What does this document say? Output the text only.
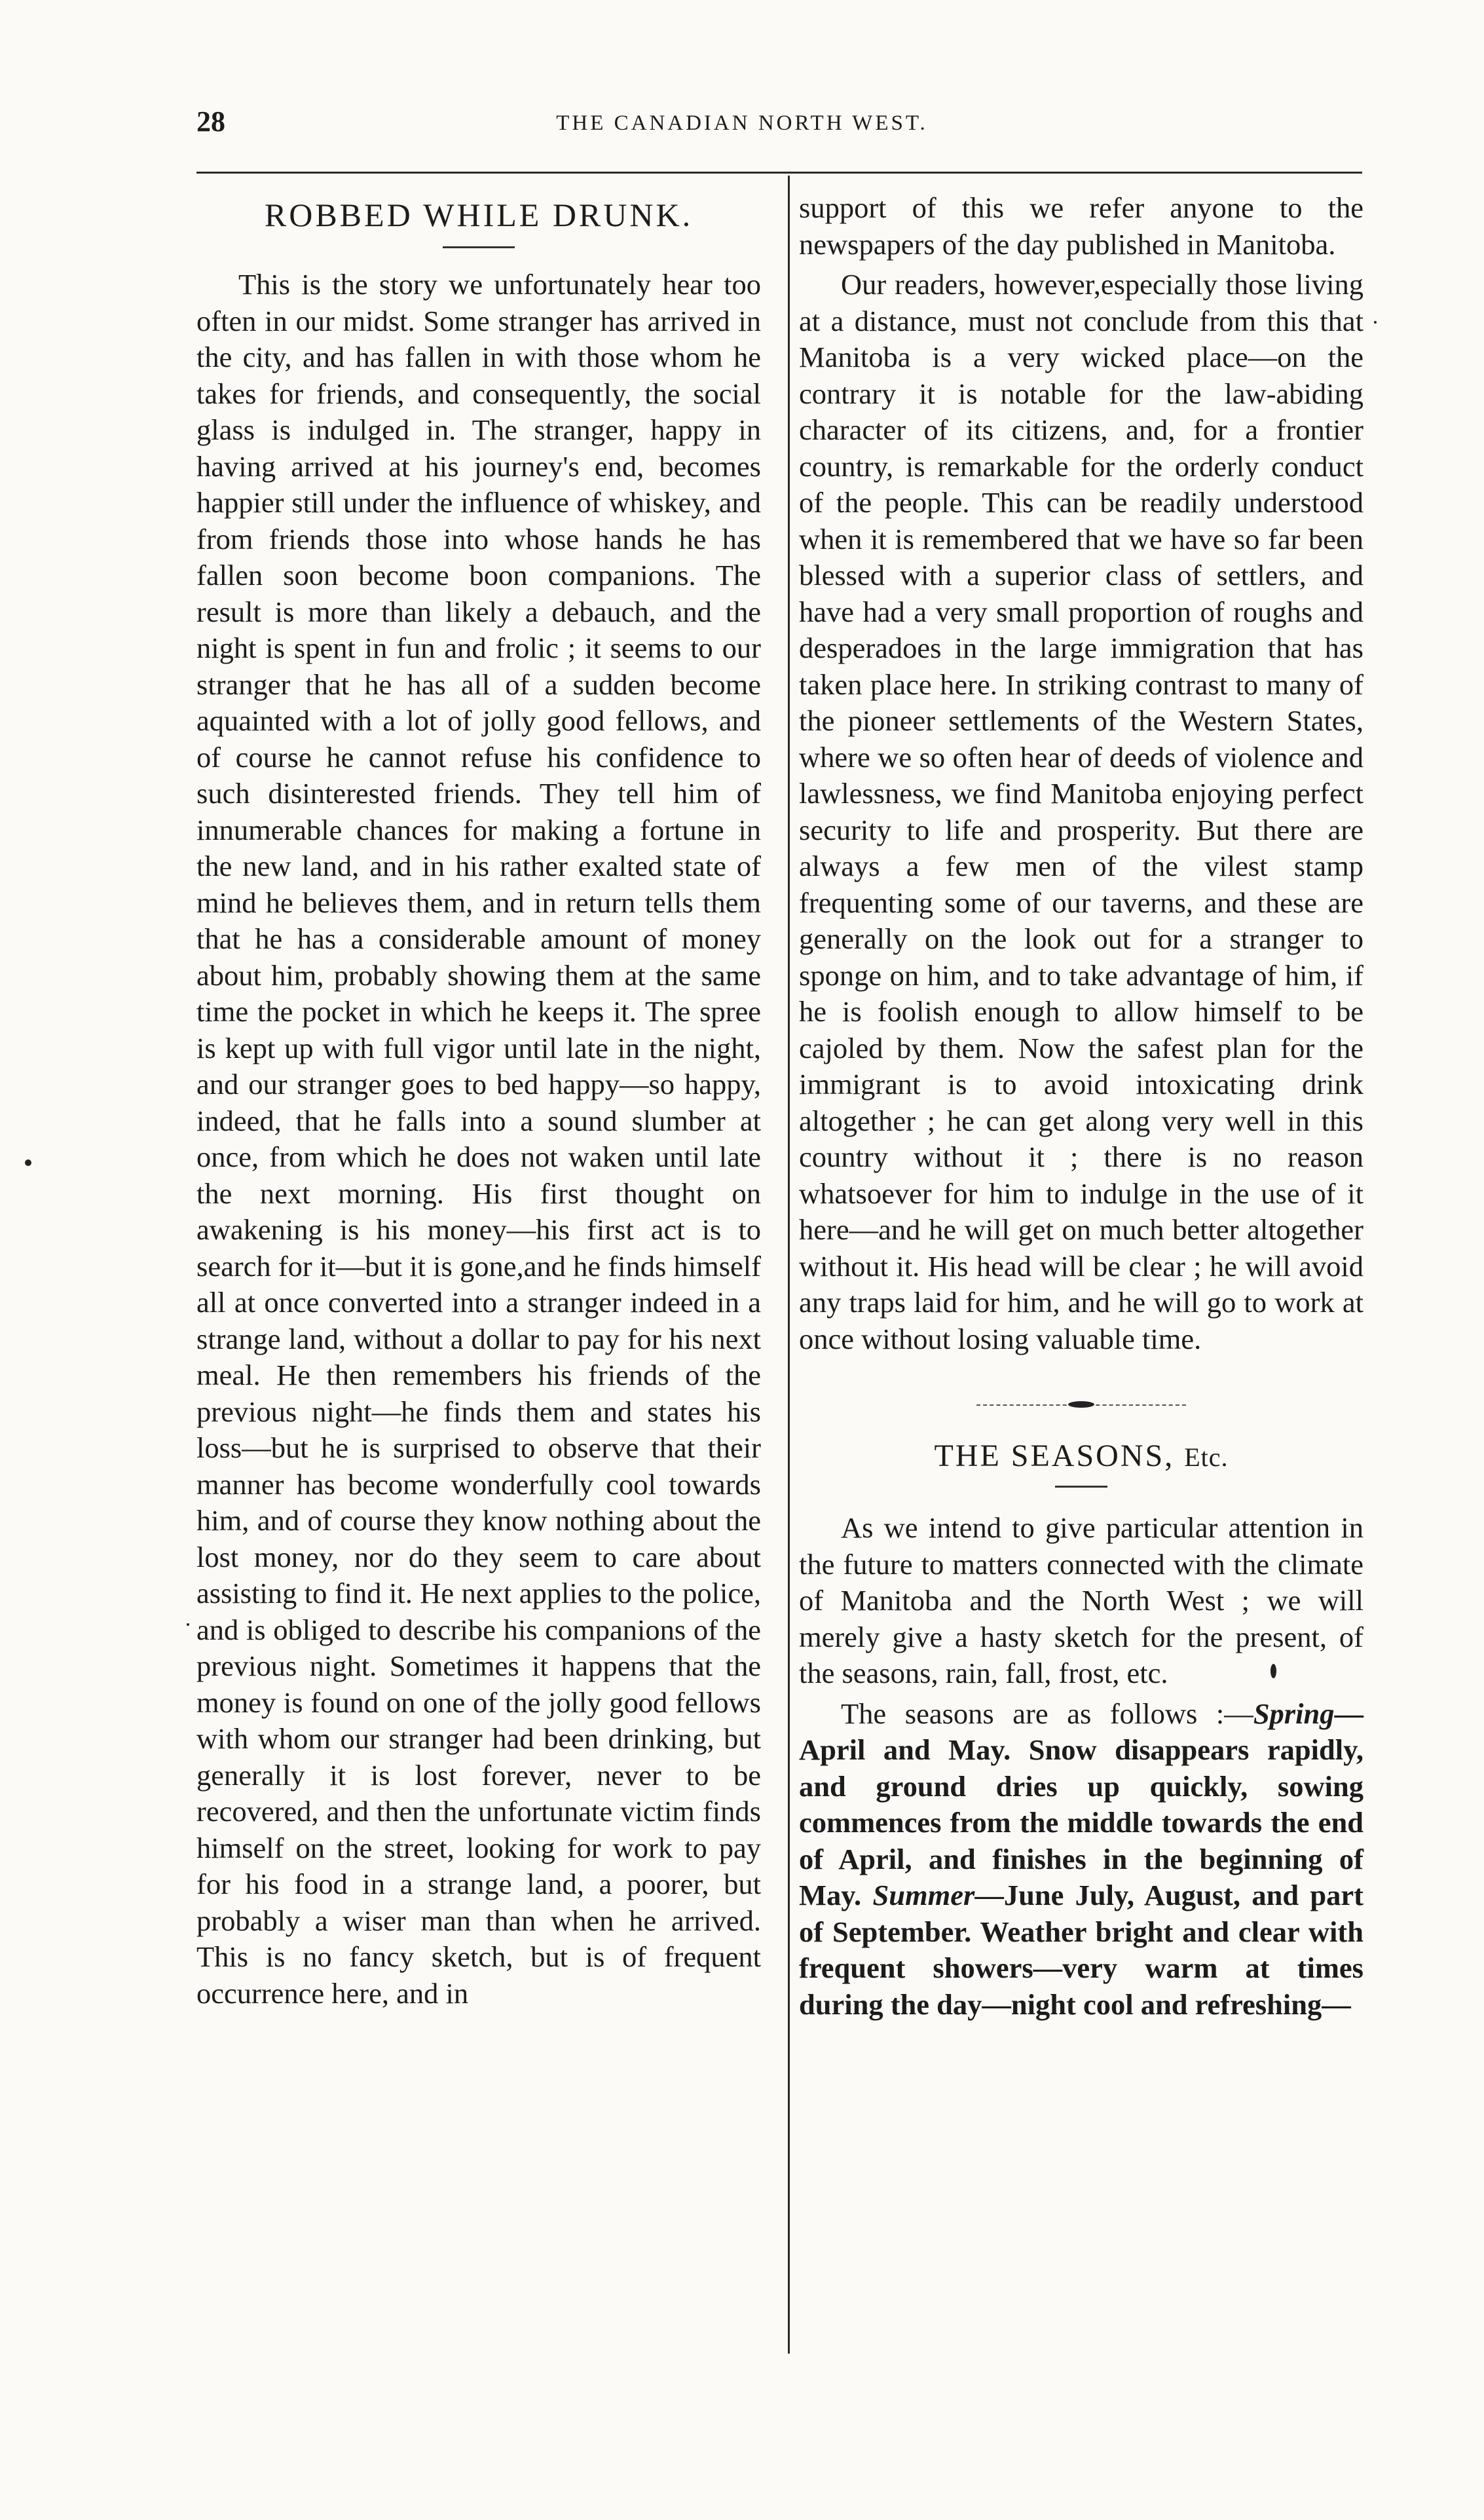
28	THE CANADIAN NORTH WEST.
ROBBED WHILE DRUNK.

This is the story we unfortunately hear too often in our midst. Some stranger has arrived in the city, and has fallen in with those whom he takes for friends, and consequently, the social glass is indulged in. The stranger, happy in having arrived at his journey's end, becomes happier still under the influence of whiskey, and from friends those into whose hands he has fallen soon become boon companions. The result is more than likely a debauch, and the night is spent in fun and frolic ; it seems to our stranger that he has all of a sudden become aquainted with a lot of jolly good fellows, and of course he cannot refuse his confidence to such disinterested friends. They tell him of innumerable chances for making a fortune in the new land, and in his rather exalted state of mind he believes them, and in return tells them that he has a considerable amount of money about him, probably showing them at the same time the pocket in which he keeps it. The spree is kept up with full vigor until late in the night, and our stranger goes to bed happy—so happy, indeed, that he falls into a sound slumber at once, from which he does not waken until late the next morning. His first thought on awakening is his money—his first act is to search for it—but it is gone,and he finds himself all at once converted into a stranger indeed in a strange land, without a dollar to pay for his next meal. He then remembers his friends of the previous night—he finds them and states his loss—but he is surprised to observe that their manner has become wonderfully cool towards him, and of course they know nothing about the lost money, nor do they seem to care about assisting to find it. He next applies to the police, and is obliged to describe his companions of the previous night. Sometimes it happens that the money is found on one of the jolly good fellows with whom our stranger had been drinking, but generally it is lost forever, never to be recovered, and then the unfortunate victim finds himself on the street, looking for work to pay for his food in a strange land, a poorer, but probably a wiser man than when he arrived. This is no fancy sketch, but is of frequent occurrence here, and in

support of this we refer anyone to the newspapers of the day published in Manitoba.

Our readers, however,especially those living at a distance, must not conclude from this that Manitoba is a very wicked place—on the contrary it is notable for the law-abiding character of its citizens, and, for a frontier country, is remarkable for the orderly conduct of the people. This can be readily understood when it is remembered that we have so far been blessed with a superior class of settlers, and have had a very small proportion of roughs and desperadoes in the large immigration that has taken place here. In striking contrast to many of the pioneer settlements of the Western States, where we so often hear of deeds of violence and lawlessness, we find Manitoba enjoying perfect security to life and prosperity. But there are always a few men of the vilest stamp frequenting some of our taverns, and these are generally on the look out for a stranger to sponge on him, and to take advantage of him, if he is foolish enough to allow himself to be cajoled by them. Now the safest plan for the immigrant is to avoid intoxicating drink altogether ; he can get along very well in this country without it ; there is no reason whatsoever for him to indulge in the use of it here—and he will get on much better altogether without it. His head will be clear ; he will avoid any traps laid for him, and he will go to work at once without losing valuable time.

THE SEASONS, Etc.

As we intend to give particular attention in the future to matters connected with the climate of Manitoba and the North West ; we will merely give a hasty sketch for the present, of the seasons, rain, fall, frost, etc.

The seasons are as follows :—Spring—April and May. Snow disappears rapidly, and ground dries up quickly, sowing commences from the middle towards the end of April, and finishes in the beginning of May. Summer—June July, August, and part of September. Weather bright and clear with frequent showers—very warm at times during the day—night cool and refreshing—
